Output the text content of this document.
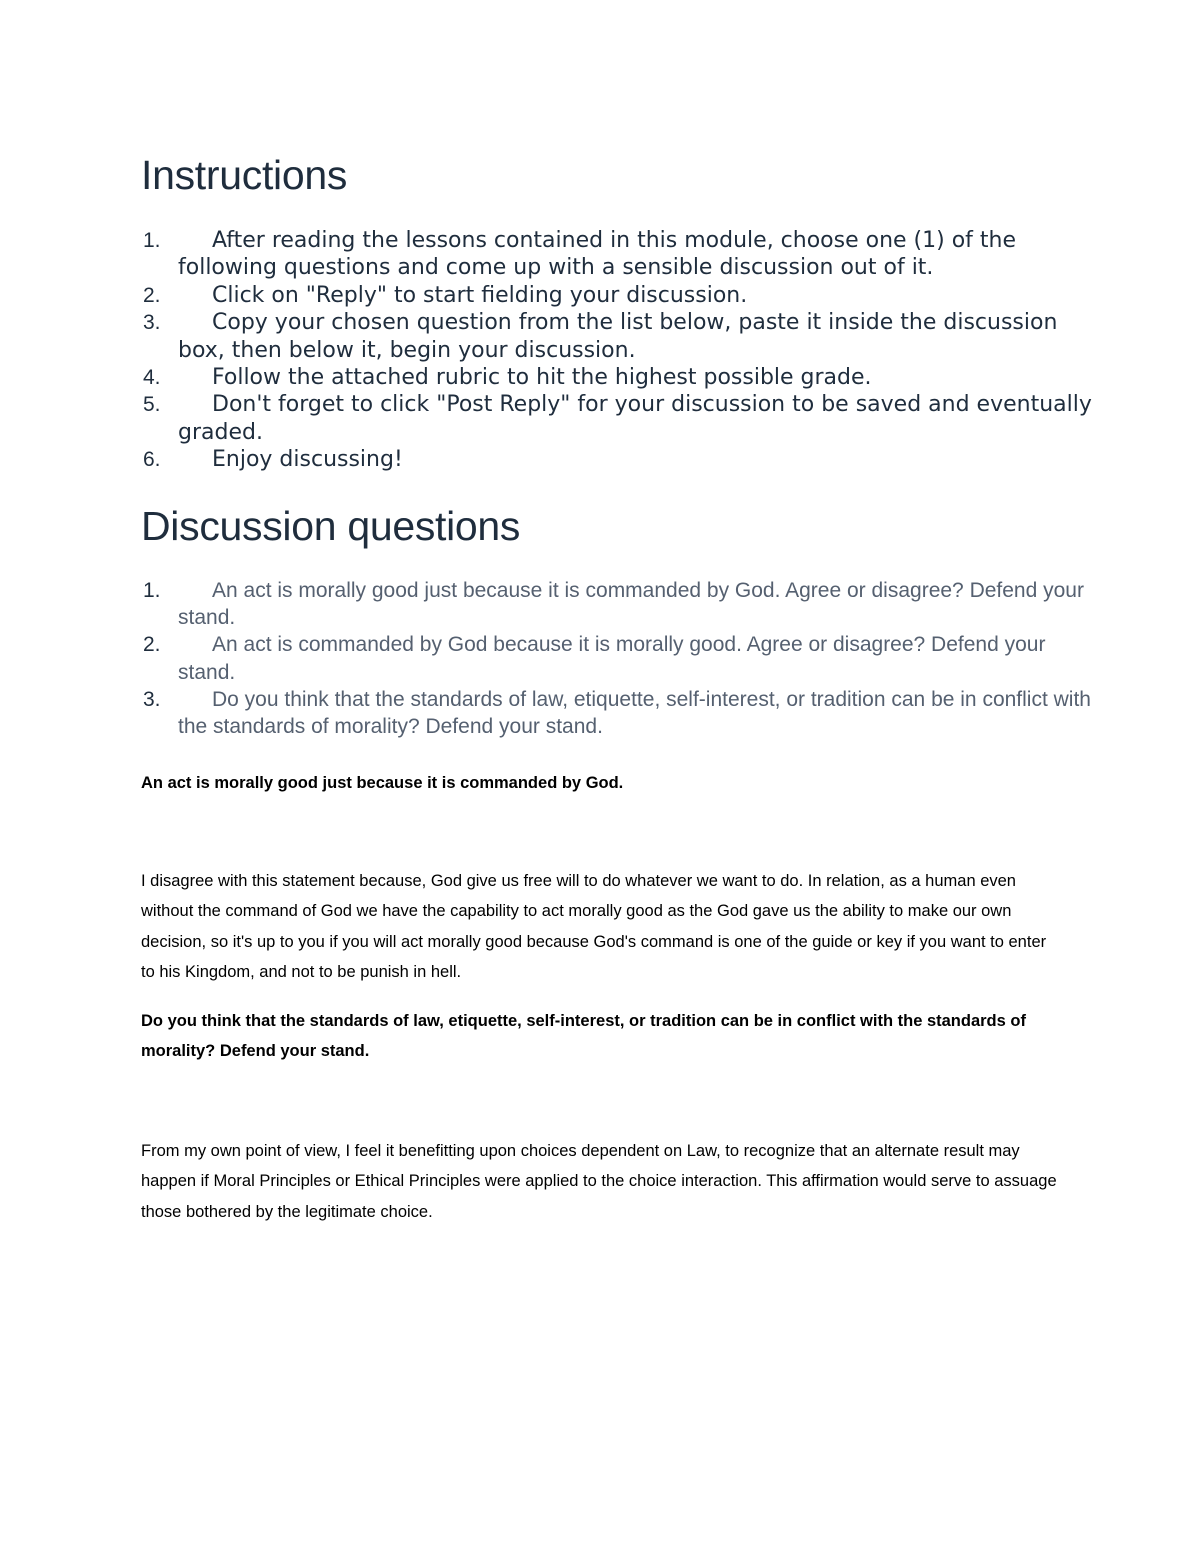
Instructions
1.	After reading the lessons contained in this module, choose one (1) of the following questions and come up with a sensible discussion out of it.
2.	Click on "Reply" to start fielding your discussion.
3.	Copy your chosen question from the list below, paste it inside the discussion box, then below it, begin your discussion.
4.	Follow the attached rubric to hit the highest possible grade.
5.	Don't forget to click "Post Reply" for your discussion to be saved and eventually graded.
6.	Enjoy discussing!
Discussion questions
1.	An act is morally good just because it is commanded by God. Agree or disagree? Defend your stand.
2.	An act is commanded by God because it is morally good. Agree or disagree? Defend your stand.
3.	Do you think that the standards of law, etiquette, self-interest, or tradition can be in conflict with the standards of morality? Defend your stand.

An act is morally good just because it is commanded by God.

I disagree with this statement because, God give us free will to do whatever we want to do. In relation, as a human even without the command of God we have the capability to act morally good as the God gave us the ability to make our own decision, so it's up to you if you will act morally good because God's command is one of the guide or key if you want to enter to his Kingdom, and not to be punish in hell.

Do you think that the standards of law, etiquette, self-interest, or tradition can be in conflict with the standards of morality? Defend your stand.

From my own point of view, I feel it benefitting upon choices dependent on Law, to recognize that an alternate result may happen if Moral Principles or Ethical Principles were applied to the choice interaction. This affirmation would serve to assuage those bothered by the legitimate choice.
